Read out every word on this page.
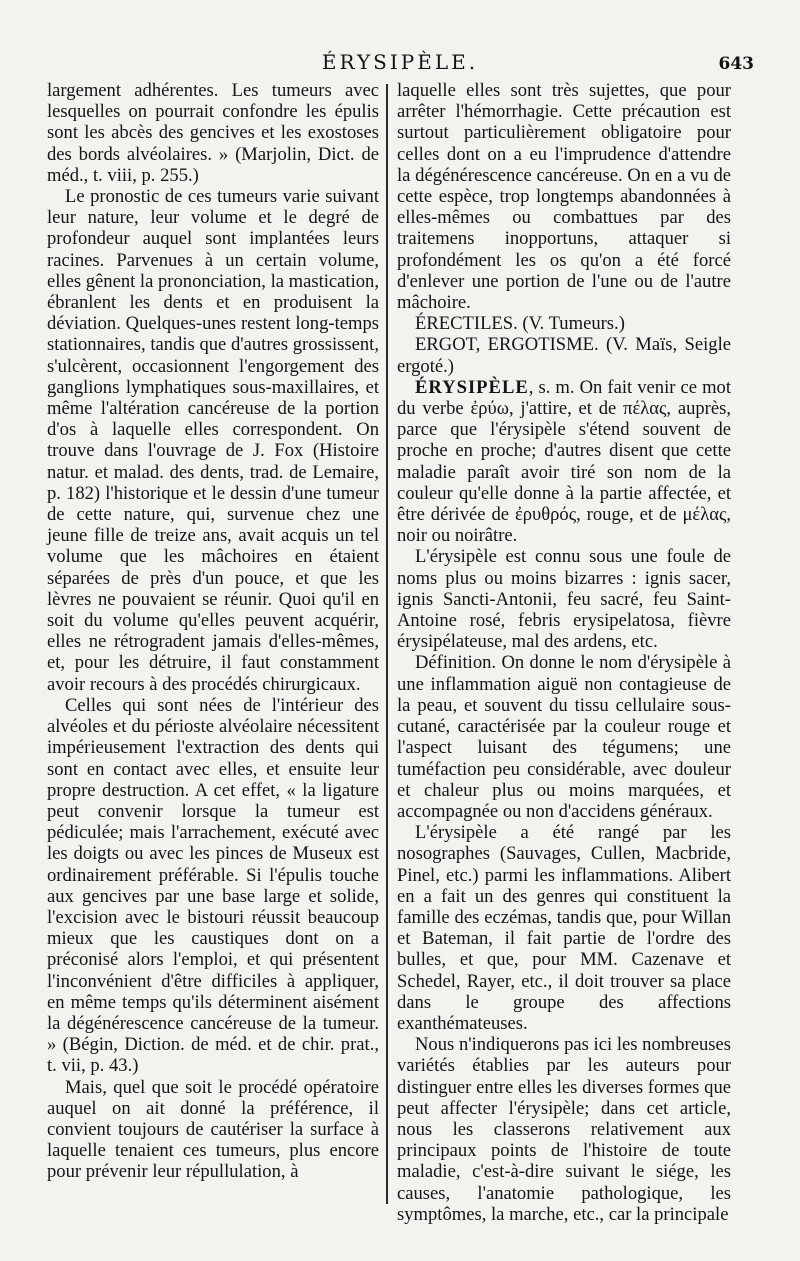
ÉRYSIPÈLE.	643

largement adhérentes. Les tumeurs avec lesquelles on pourrait confondre les épulis sont les abcès des gencives et les exostoses des bords alvéolaires. » (Marjolin, Dict. de méd., t. viii, p. 255.)

Le pronostic de ces tumeurs varie suivant leur nature, leur volume et le degré de profondeur auquel sont implantées leurs racines. Parvenues à un certain volume, elles gênent la prononciation, la mastication, ébranlent les dents et en produisent la déviation. Quelques-unes restent long-temps stationnaires, tandis que d'autres grossissent, s'ulcèrent, occasionnent l'engorgement des ganglions lymphatiques sous-maxillaires, et même l'altération cancéreuse de la portion d'os à laquelle elles correspondent. On trouve dans l'ouvrage de J. Fox (Histoire natur. et malad. des dents, trad. de Lemaire, p. 182) l'historique et le dessin d'une tumeur de cette nature, qui, survenue chez une jeune fille de treize ans, avait acquis un tel volume que les mâchoires en étaient séparées de près d'un pouce, et que les lèvres ne pouvaient se réunir. Quoi qu'il en soit du volume qu'elles peuvent acquérir, elles ne rétrogradent jamais d'elles-mêmes, et, pour les détruire, il faut constamment avoir recours à des procédés chirurgicaux.

Celles qui sont nées de l'intérieur des alvéoles et du périoste alvéolaire nécessitent impérieusement l'extraction des dents qui sont en contact avec elles, et ensuite leur propre destruction. A cet effet, « la ligature peut convenir lorsque la tumeur est pédiculée; mais l'arrachement, exécuté avec les doigts ou avec les pinces de Museux est ordinairement préférable. Si l'épulis touche aux gencives par une base large et solide, l'excision avec le bistouri réussit beaucoup mieux que les caustiques dont on a préconisé alors l'emploi, et qui présentent l'inconvénient d'être difficiles à appliquer, en même temps qu'ils déterminent aisément la dégénérescence cancéreuse de la tumeur. » (Bégin, Diction. de méd. et de chir. prat., t. vii, p. 43.)

Mais, quel que soit le procédé opératoire auquel on ait donné la préférence, il convient toujours de cautériser la surface à laquelle tenaient ces tumeurs, plus encore pour prévenir leur répullulation, à

laquelle elles sont très sujettes, que pour arrêter l'hémorrhagie. Cette précaution est surtout particulièrement obligatoire pour celles dont on a eu l'imprudence d'attendre la dégénérescence cancéreuse. On en a vu de cette espèce, trop longtemps abandonnées à elles-mêmes ou combattues par des traitemens inopportuns, attaquer si profondément les os qu'on a été forcé d'enlever une portion de l'une ou de l'autre mâchoire.

ÉRECTILES. (V. Tumeurs.)

ERGOT, ERGOTISME. (V. Maïs, Seigle ergoté.)

ÉRYSIPÈLE, s. m. On fait venir ce mot du verbe ἐρύω, j'attire, et de πέλας, auprès, parce que l'érysipèle s'étend souvent de proche en proche; d'autres disent que cette maladie paraît avoir tiré son nom de la couleur qu'elle donne à la partie affectée, et être dérivée de ἐρυθρός, rouge, et de μέλας, noir ou noirâtre.

L'érysipèle est connu sous une foule de noms plus ou moins bizarres : ignis sacer, ignis Sancti-Antonii, feu sacré, feu Saint-Antoine rosé, febris erysipelatosa, fièvre érysipélateuse, mal des ardens, etc.

Définition. On donne le nom d'érysipèle à une inflammation aiguë non contagieuse de la peau, et souvent du tissu cellulaire sous-cutané, caractérisée par la couleur rouge et l'aspect luisant des tégumens; une tuméfaction peu considérable, avec douleur et chaleur plus ou moins marquées, et accompagnée ou non d'accidens généraux.

L'érysipèle a été rangé par les nosographes (Sauvages, Cullen, Macbride, Pinel, etc.) parmi les inflammations. Alibert en a fait un des genres qui constituent la famille des eczémas, tandis que, pour Willan et Bateman, il fait partie de l'ordre des bulles, et que, pour MM. Cazenave et Schedel, Rayer, etc., il doit trouver sa place dans le groupe des affections exanthémateuses.

Nous n'indiquerons pas ici les nombreuses variétés établies par les auteurs pour distinguer entre elles les diverses formes que peut affecter l'érysipèle; dans cet article, nous les classerons relativement aux principaux points de l'histoire de toute maladie, c'est-à-dire suivant le siége, les causes, l'anatomie pathologique, les symptômes, la marche, etc., car la principale
